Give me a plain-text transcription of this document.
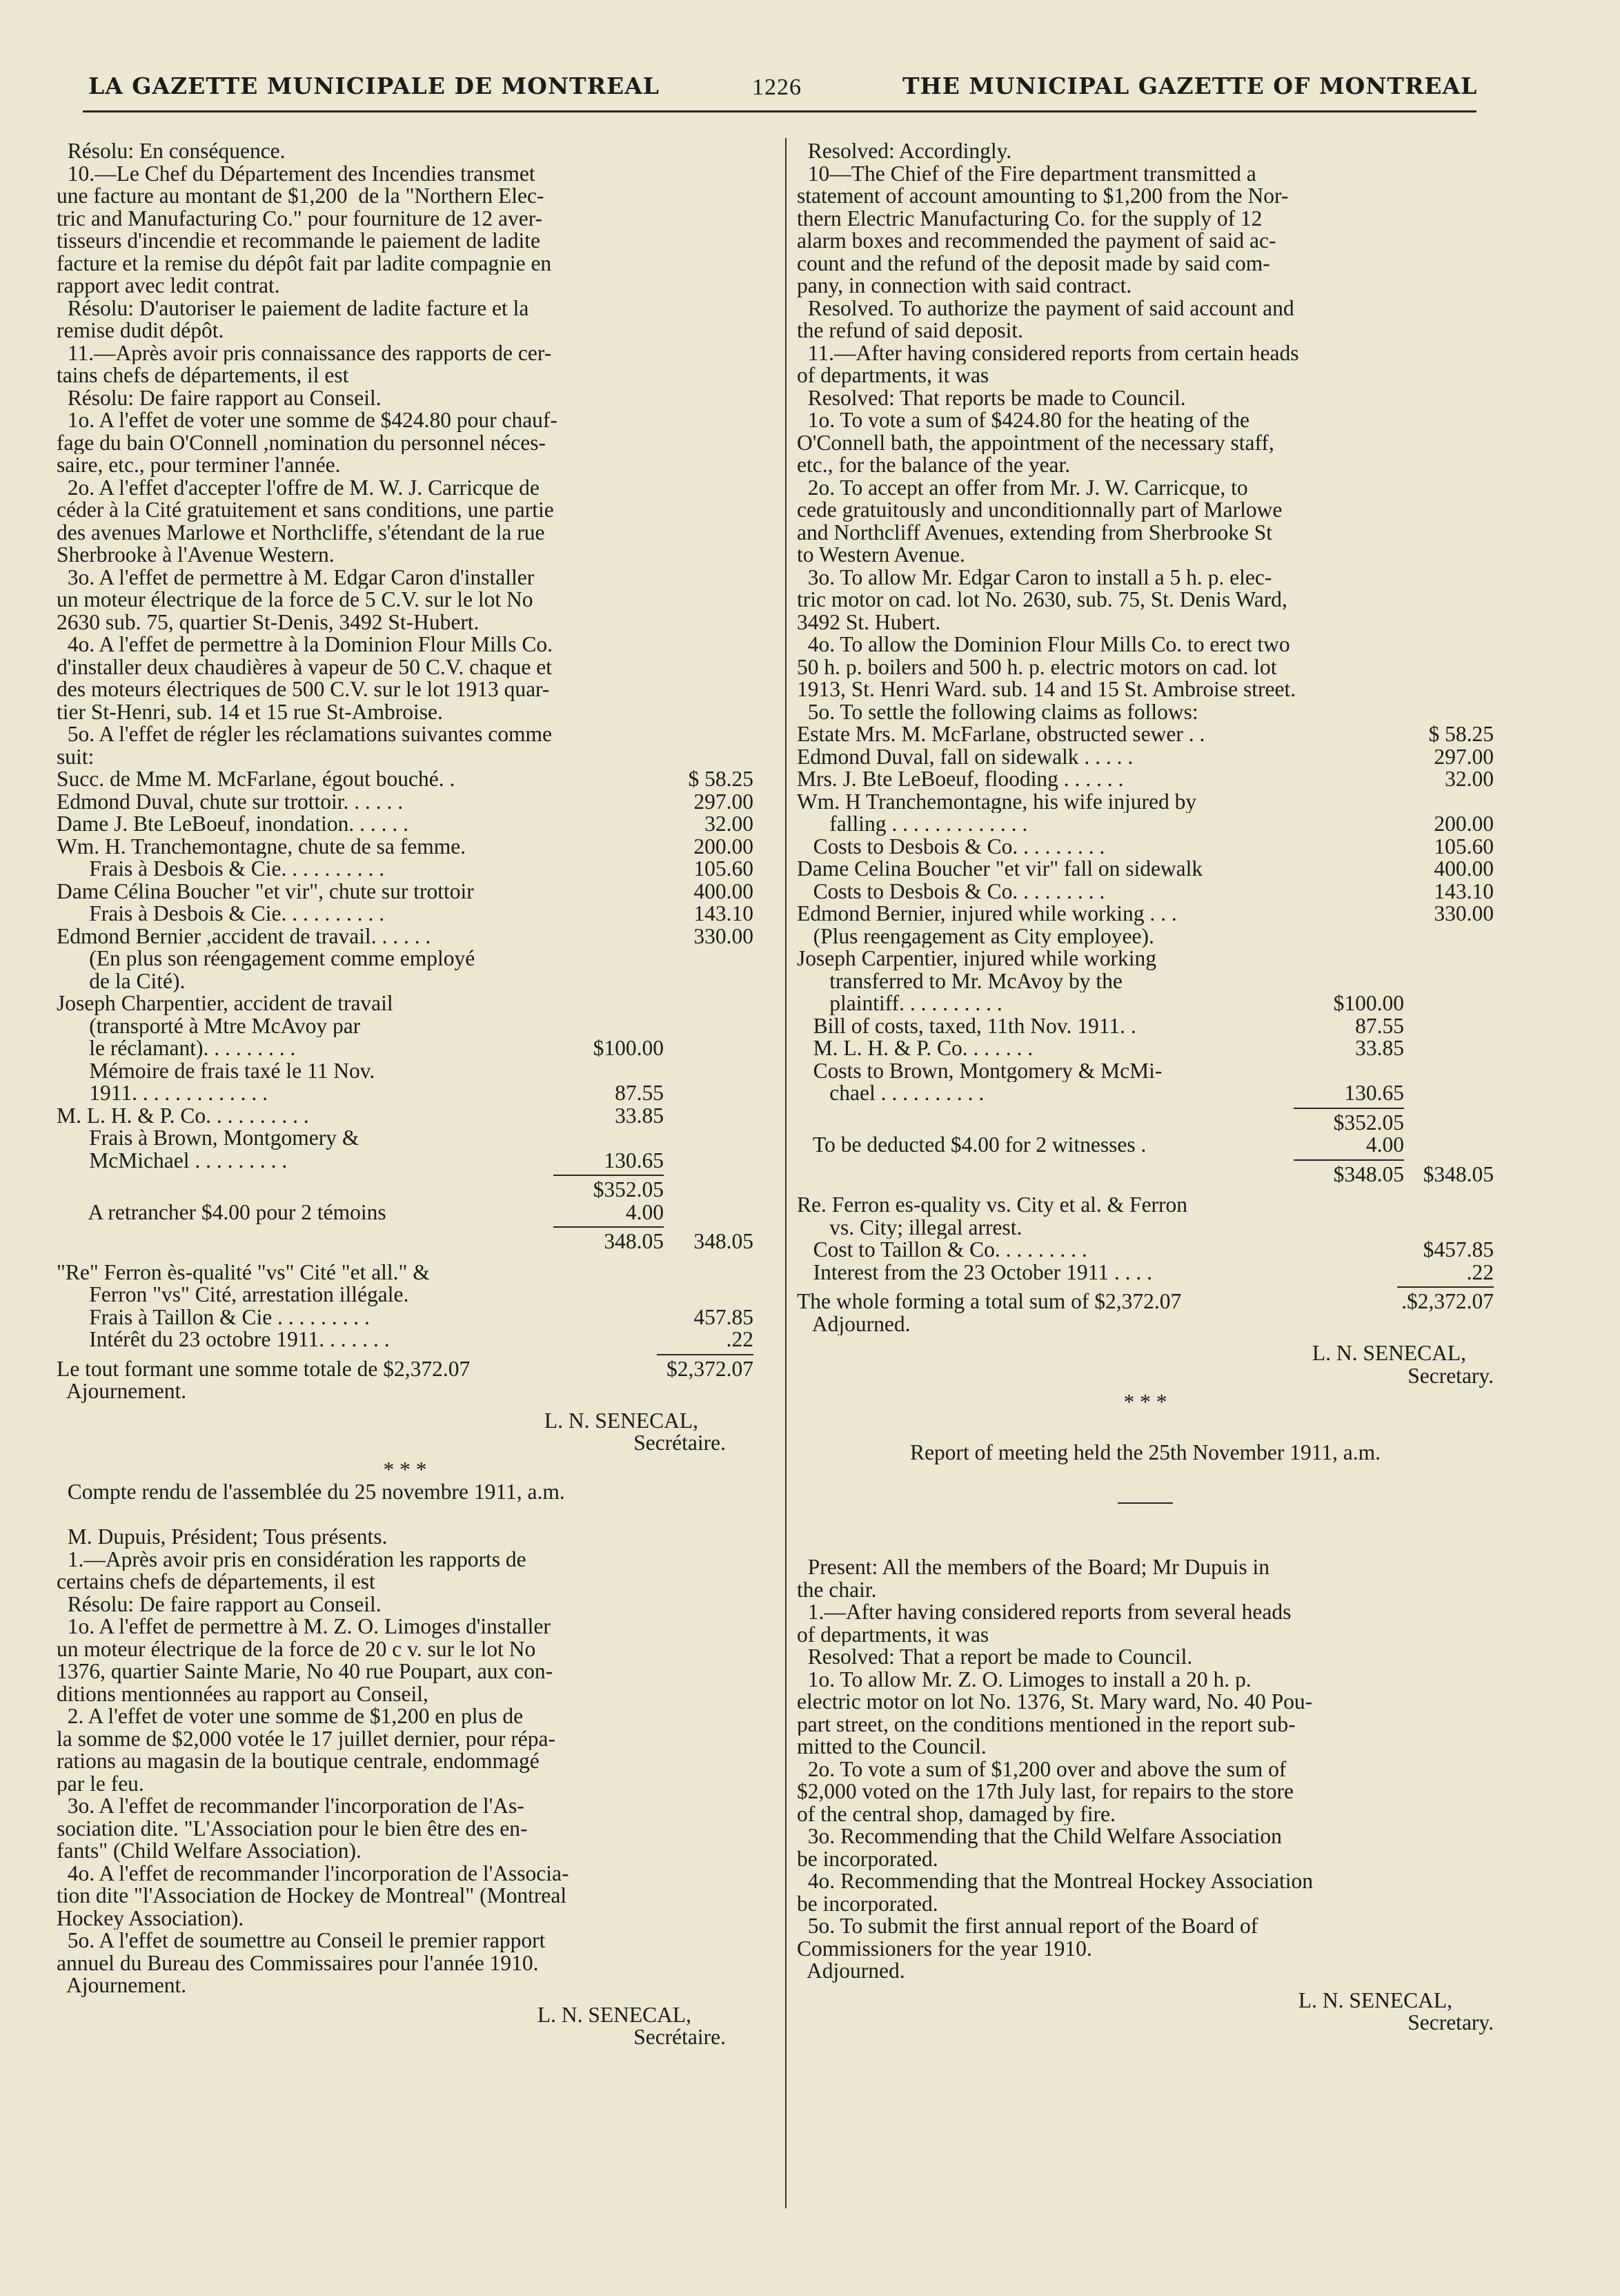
LA GAZETTE MUNICIPALE DE MONTREAL	1226	THE MUNICIPAL GAZETTE OF MONTREAL
Résolu: En conséquence.
10.—Le Chef du Département des Incendies transmet
une facture au montant de $1,200  de la "Northern Elec-
tric and Manufacturing Co." pour fourniture de 12 aver-
tisseurs d'incendie et recommande le paiement de ladite
facture et la remise du dépôt fait par ladite compagnie en
rapport avec ledit contrat.
Résolu: D'autoriser le paiement de ladite facture et la
remise dudit dépôt.
11.—Après avoir pris connaissance des rapports de cer-
tains chefs de départements, il est
Résolu: De faire rapport au Conseil.
1o. A l'effet de voter une somme de $424.80 pour chauf-
fage du bain O'Connell ,nomination du personnel néces-
saire, etc., pour terminer l'année.
2o. A l'effet d'accepter l'offre de M. W. J. Carricque de
céder à la Cité gratuitement et sans conditions, une partie
des avenues Marlowe et Northcliffe, s'étendant de la rue
Sherbrooke à l'Avenue Western.
3o. A l'effet de permettre à M. Edgar Caron d'installer
un moteur électrique de la force de 5 C.V. sur le lot No
2630 sub. 75, quartier St-Denis, 3492 St-Hubert.
4o. A l'effet de permettre à la Dominion Flour Mills Co.
d'installer deux chaudières à vapeur de 50 C.V. chaque et
des moteurs électriques de 500 C.V. sur le lot 1913 quar-
tier St-Henri, sub. 14 et 15 rue St-Ambroise.
5o. A l'effet de régler les réclamations suivantes comme
suit:
Succ. de Mme M. McFarlane, égout bouché. .	$ 58.25
Edmond Duval, chute sur trottoir. . . . . .	297.00
Dame J. Bte LeBoeuf, inondation. . . . . .	32.00
Wm. H. Tranchemontagne, chute de sa femme.	200.00
Frais à Desbois & Cie. . . . . . . . . .	105.60
Dame Célina Boucher "et vir", chute sur trottoir	400.00
Frais à Desbois & Cie. . . . . . . . . .	143.10
Edmond Bernier ,accident de travail. . . . . .	330.00
(En plus son réengagement comme employé
de la Cité).
Joseph Charpentier, accident de travail
(transporté à Mtre McAvoy par
le réclamant). . . . . . . . .	$100.00
Mémoire de frais taxé le 11 Nov.
1911. . . . . . . . . . . . .	87.55
M. L. H. & P. Co. . . . . . . . . .	33.85
Frais à Brown, Montgomery &
McMichael . . . . . . . . .	130.65
$352.05
A retrancher $4.00 pour 2 témoins	4.00
348.05	348.05
"Re" Ferron ès-qualité "vs" Cité "et all." &
Ferron "vs" Cité, arrestation illégale.
Frais à Taillon & Cie . . . . . . . . .	457.85
Intérêt du 23 octobre 1911. . . . . . .	.22
Le tout formant une somme totale de $2,372.07	$2,372.07
Ajournement.
L. N. SENECAL,
Secrétaire.
* * *
Compte rendu de l'assemblée du 25 novembre 1911, a.m.
M. Dupuis, Président; Tous présents.
1.—Après avoir pris en considération les rapports de
certains chefs de départements, il est
Résolu: De faire rapport au Conseil.
1o. A l'effet de permettre à M. Z. O. Limoges d'installer
un moteur électrique de la force de 20 c v. sur le lot No
1376, quartier Sainte Marie, No 40 rue Poupart, aux con-
ditions mentionnées au rapport au Conseil,
2. A l'effet de voter une somme de $1,200 en plus de
la somme de $2,000 votée le 17 juillet dernier, pour répa-
rations au magasin de la boutique centrale, endommagé
par le feu.
3o. A l'effet de recommander l'incorporation de l'As-
sociation dite. "L'Association pour le bien être des en-
fants" (Child Welfare Association).
4o. A l'effet de recommander l'incorporation de l'Associa-
tion dite "l'Association de Hockey de Montreal" (Montreal
Hockey Association).
5o. A l'effet de soumettre au Conseil le premier rapport
annuel du Bureau des Commissaires pour l'année 1910.
Ajournement.
L. N. SENECAL,
Secrétaire.
Resolved: Accordingly.
10—The Chief of the Fire department transmitted a
statement of account amounting to $1,200 from the Nor-
thern Electric Manufacturing Co. for the supply of 12
alarm boxes and recommended the payment of said ac-
count and the refund of the deposit made by said com-
pany, in connection with said contract.
Resolved. To authorize the payment of said account and
the refund of said deposit.
11.—After having considered reports from certain heads
of departments, it was
Resolved: That reports be made to Council.
1o. To vote a sum of $424.80 for the heating of the
O'Connell bath, the appointment of the necessary staff,
etc., for the balance of the year.
2o. To accept an offer from Mr. J. W. Carricque, to
cede gratuitously and unconditionnally part of Marlowe
and Northcliff Avenues, extending from Sherbrooke St
to Western Avenue.
3o. To allow Mr. Edgar Caron to install a 5 h. p. elec-
tric motor on cad. lot No. 2630, sub. 75, St. Denis Ward,
3492 St. Hubert.
4o. To allow the Dominion Flour Mills Co. to erect two
50 h. p. boilers and 500 h. p. electric motors on cad. lot
1913, St. Henri Ward. sub. 14 and 15 St. Ambroise street.
5o. To settle the following claims as follows:
Estate Mrs. M. McFarlane, obstructed sewer . .	$ 58.25
Edmond Duval, fall on sidewalk . . . . .	297.00
Mrs. J. Bte LeBoeuf, flooding . . . . . .	32.00
Wm. H Tranchemontagne, his wife injured by
falling . . . . . . . . . . . . .	200.00
Costs to Desbois & Co. . . . . . . . .	105.60
Dame Celina Boucher "et vir" fall on sidewalk	400.00
Costs to Desbois & Co. . . . . . . . .	143.10
Edmond Bernier, injured while working . . .	330.00
(Plus reengagement as City employee).
Joseph Carpentier, injured while working
transferred to Mr. McAvoy by the
plaintiff. . . . . . . . . .	$100.00
Bill of costs, taxed, 11th Nov. 1911. .	87.55
M. L. H. & P. Co. . . . . . .	33.85
Costs to Brown, Montgomery & McMi-
chael . . . . . . . . . .	130.65
$352.05
To be deducted $4.00 for 2 witnesses .	4.00
$348.05 $348.05
Re. Ferron es-quality vs. City et al. & Ferron
vs. City; illegal arrest.
Cost to Taillon & Co. . . . . . . . .	$457.85
Interest from the 23 October 1911 . . . .	.22
The whole forming a total sum of $2,372.07	.$2,372.07
Adjourned.
L. N. SENECAL,
Secretary.
* * *
Report of meeting held the 25th November 1911, a.m.
Present: All the members of the Board; Mr Dupuis in
the chair.
1.—After having considered reports from several heads
of departments, it was
Resolved: That a report be made to Council.
1o. To allow Mr. Z. O. Limoges to install a 20 h. p.
electric motor on lot No. 1376, St. Mary ward, No. 40 Pou-
part street, on the conditions mentioned in the report sub-
mitted to the Council.
2o. To vote a sum of $1,200 over and above the sum of
$2,000 voted on the 17th July last, for repairs to the store
of the central shop, damaged by fire.
3o. Recommending that the Child Welfare Association
be incorporated.
4o. Recommending that the Montreal Hockey Association
be incorporated.
5o. To submit the first annual report of the Board of
Commissioners for the year 1910.
Adjourned.
L. N. SENECAL,
Secretary.
